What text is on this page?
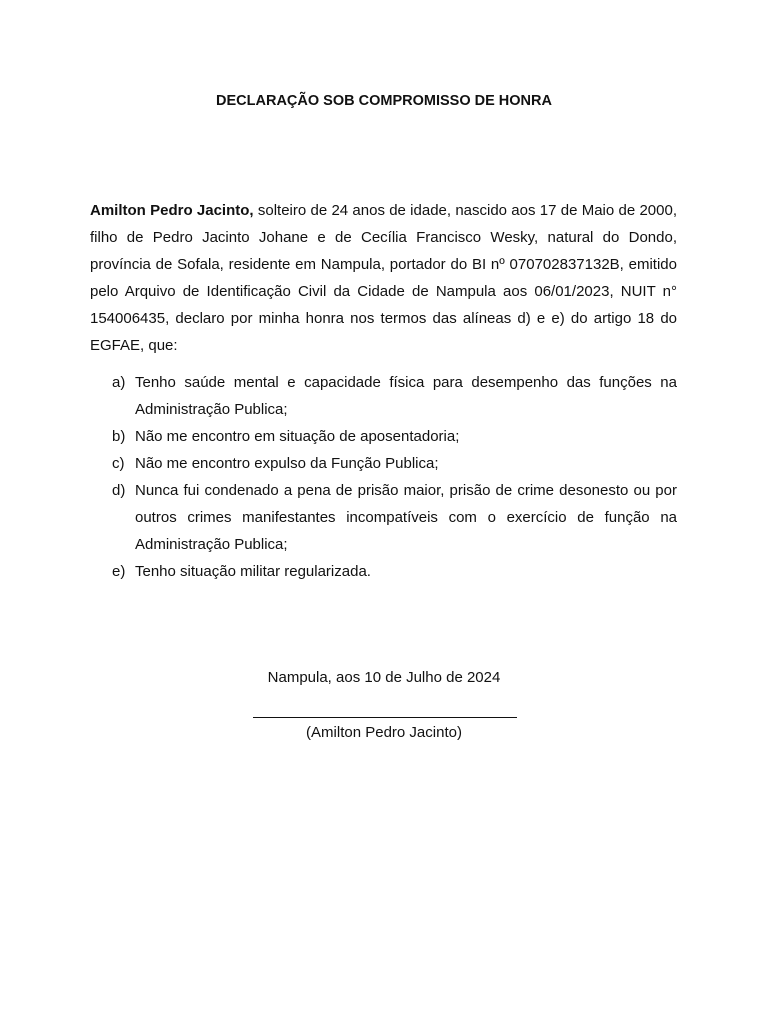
DECLARAÇÃO SOB COMPROMISSO DE HONRA

Amilton Pedro Jacinto, solteiro de 24 anos de idade, nascido aos 17 de Maio de 2000, filho de Pedro Jacinto Johane e de Cecília Francisco Wesky, natural do Dondo, província de Sofala, residente em Nampula, portador do BI nº 070702837132B, emitido pelo Arquivo de Identificação Civil da Cidade de Nampula aos 06/01/2023, NUIT n° 154006435, declaro por minha honra nos termos das alíneas d) e e) do artigo 18 do EGFAE, que:

a) Tenho saúde mental e capacidade física para desempenho das funções na Administração Publica;
b) Não me encontro em situação de aposentadoria;
c) Não me encontro expulso da Função Publica;
d) Nunca fui condenado a pena de prisão maior, prisão de crime desonesto ou por outros crimes manifestantes incompatíveis com o exercício de função na Administração Publica;
e) Tenho situação militar regularizada.
Nampula, aos 10 de Julho de 2024
(Amilton Pedro Jacinto)
